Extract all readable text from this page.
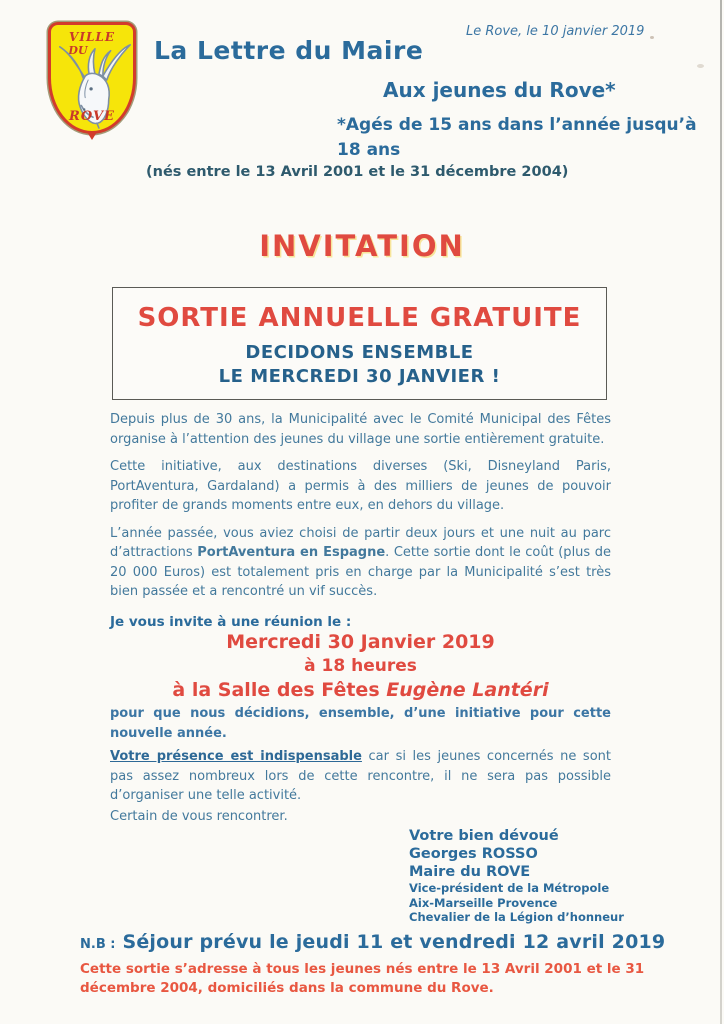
VILLE
DU
ROVE
Le Rove, le 10 janvier 2019
La Lettre du Maire
Aux jeunes du Rove*
*Agés de 15 ans dans l’année jusqu’à
18 ans
(nés entre le 13 Avril 2001 et le 31 décembre 2004)
INVITATION
SORTIE ANNUELLE GRATUITE
DECIDONS ENSEMBLE
LE MERCREDI 30 JANVIER !

Depuis plus de 30 ans, la Municipalité avec le Comité Municipal des Fêtes organise à l’attention des jeunes du village une sortie entièrement gratuite.

Cette initiative, aux destinations diverses (Ski, Disneyland Paris, PortAventura, Gardaland) a permis à des milliers de jeunes de pouvoir profiter de grands moments entre eux, en dehors du village.

L’année passée, vous aviez choisi de partir deux jours et une nuit au parc d’attractions PortAventura en Espagne. Cette sortie dont le coût (plus de 20 000 Euros) est totalement pris en charge par la Municipalité s’est très bien passée et a rencontré un vif succès.

Je vous invite à une réunion le :

Mercredi 30 Janvier 2019
à 18 heures
à la Salle des Fêtes Eugène Lantéri
pour que nous décidions, ensemble, d’une initiative pour cette nouvelle année.
Votre présence est indispensable car si les jeunes concernés ne sont pas assez nombreux lors de cette rencontre, il ne sera pas possible d’organiser une telle activité.
Certain de vous rencontrer.
Votre bien dévoué
Georges ROSSO
Maire du ROVE
Vice-président de la Métropole
Aix-Marseille Provence
Chevalier de la Légion d’honneur
N.B : Séjour prévu le jeudi 11 et vendredi 12 avril 2019
Cette sortie s’adresse à tous les jeunes nés entre le 13 Avril 2001 et le 31 décembre 2004, domiciliés dans la commune du Rove.
